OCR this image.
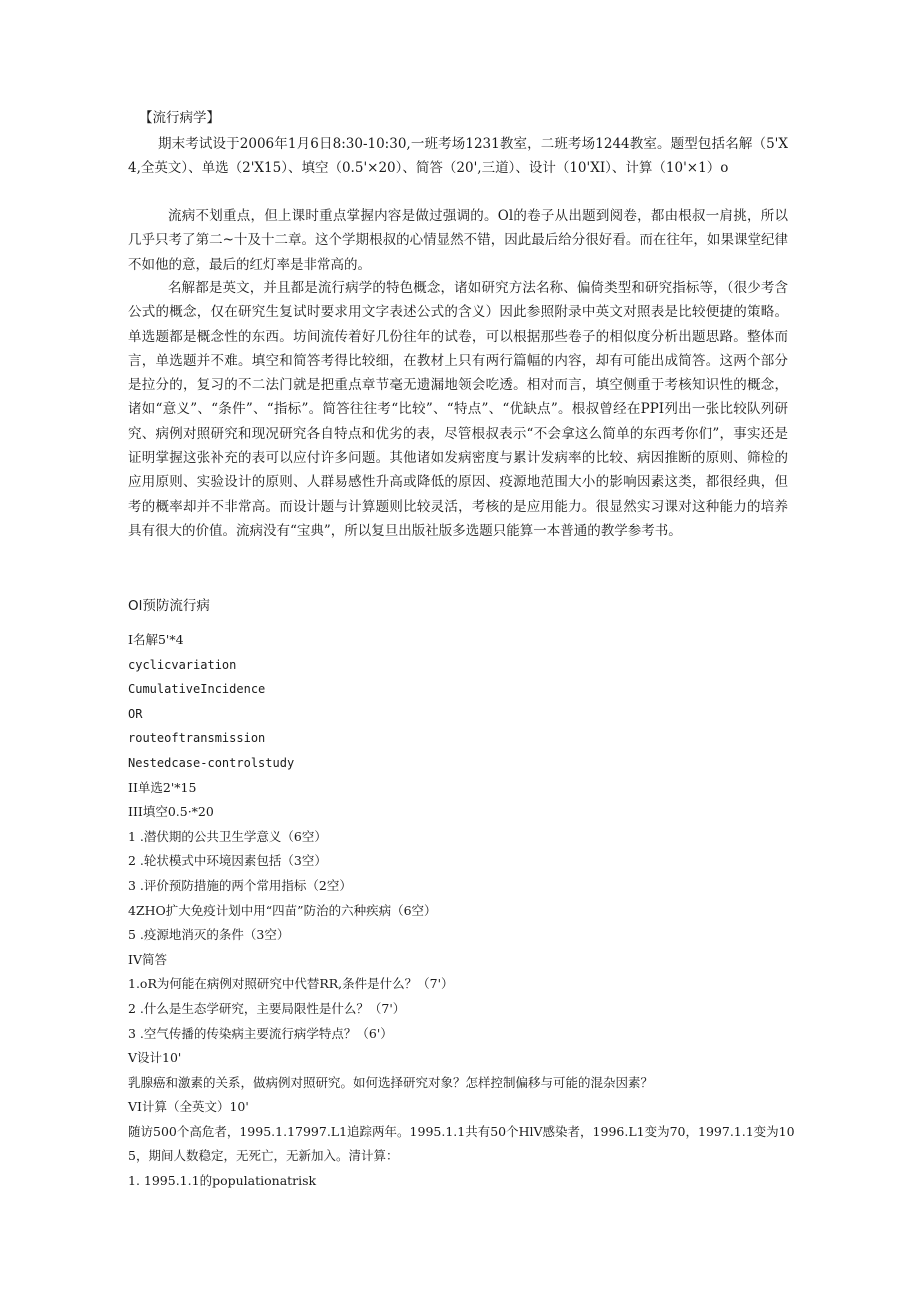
【流行病学】

期末考试设于2006年1月6日8:30-10:30,一班考场1231教室，二班考场1244教室。题型包括名解（5'X4,全英文）、单选（2'X15）、填空（0.5'×20）、简答（20',三道）、设计（10'XI）、计算（10'×1）o

流病不划重点，但上课时重点掌握内容是做过强调的。Ol的卷子从出题到阅卷，都由根叔一肩挑，所以几乎只考了第二~十及十二章。这个学期根叔的心情显然不错，因此最后给分很好看。而在往年，如果课堂纪律不如他的意，最后的红灯率是非常高的。

名解都是英文，并且都是流行病学的特色概念，诸如研究方法名称、偏倚类型和研究指标等，（很少考含公式的概念，仅在研究生复试时要求用文字表述公式的含义）因此参照附录中英文对照表是比较便捷的策略。单选题都是概念性的东西。坊间流传着好几份往年的试卷，可以根据那些卷子的相似度分析出题思路。整体而言，单选题并不难。填空和简答考得比较细，在教材上只有两行篇幅的内容，却有可能出成简答。这两个部分是拉分的，复习的不二法门就是把重点章节毫无遗漏地领会吃透。相对而言，填空侧重于考核知识性的概念，诸如“意义”、“条件”、“指标”。简答往往考“比较”、“特点”、“优缺点”。根叔曾经在PPI列出一张比较队列研究、病例对照研究和现况研究各自特点和优劣的表，尽管根叔表示“不会拿这么简单的东西考你们”，事实还是证明掌握这张补充的表可以应付许多问题。其他诸如发病密度与累计发病率的比较、病因推断的原则、筛检的应用原则、实验设计的原则、人群易感性升高或降低的原因、疫源地范围大小的影响因素这类，都很经典，但考的概率却并不非常高。而设计题与计算题则比较灵活，考核的是应用能力。很显然实习课对这种能力的培养具有很大的价值。流病没有“宝典”，所以复旦出版社版多选题只能算一本普通的教学参考书。

Ol预防流行病

I名解5'*4
cyclicvariation
CumulativeIncidence
OR
routeoftransmission
Nestedcase-controlstudy
II单选2'*15
III填空0.5·*20
1 .潜伏期的公共卫生学意义（6空）
2 .轮状模式中环境因素包括（3空）
3 .评价预防措施的两个常用指标（2空）
4ZHO扩大免疫计划中用“四苗”防治的六种疾病（6空）
5 .疫源地消灭的条件（3空）
IV简答
1.oR为何能在病例对照研究中代替RR,条件是什么？（7'）
2 .什么是生态学研究，主要局限性是什么？（7'）
3 .空气传播的传染病主要流行病学特点？（6'）
V设计10'
乳腺癌和激素的关系，做病例对照研究。如何选择研究对象？怎样控制偏移与可能的混杂因素？
VI计算（全英文）10'
随访500个高危者，1995.1.17997.L1追踪两年。1995.1.1共有50个HlV感染者，1996.L1变为70，1997.1.1变为105，期间人数稳定，无死亡，无新加入。清计算：
1. 1995.1.1的populationatrisk
